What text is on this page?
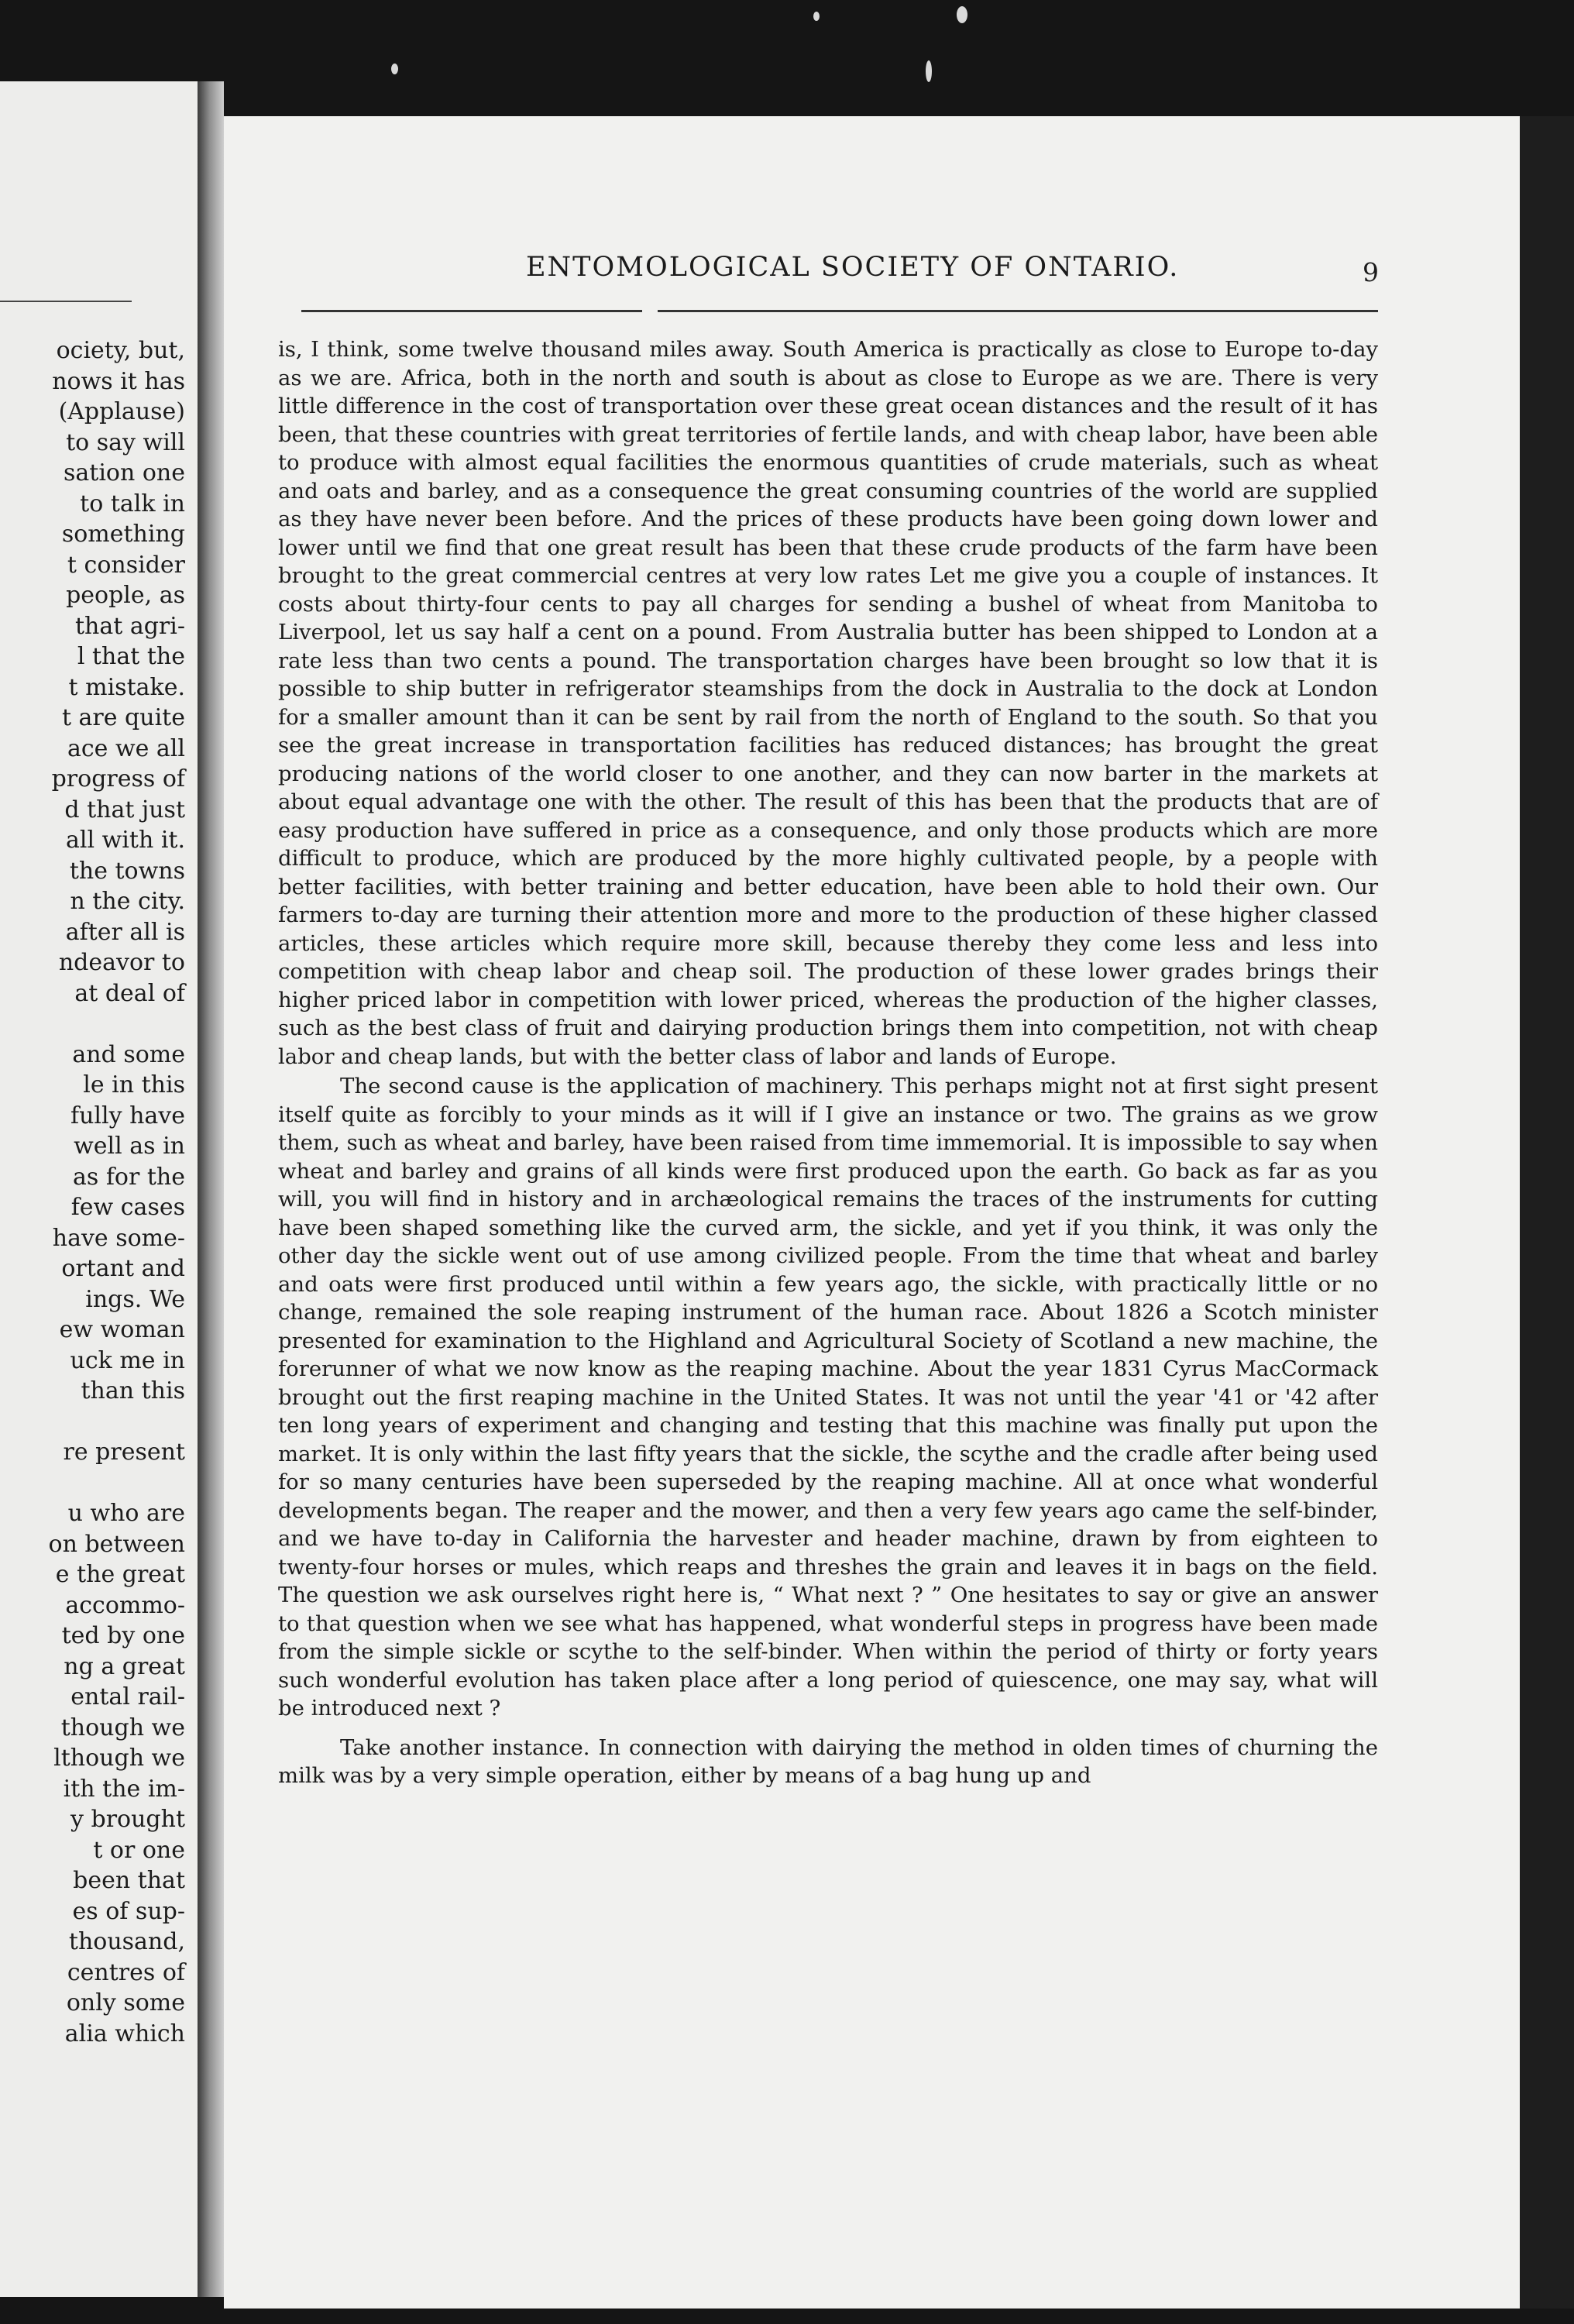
ociety, but,
nows it has
(Applause)
to say will
sation one
to talk in
something
t consider
people, as
that agri-
l that the
t mistake.
t are quite
ace we all
progress of
d that just
all with it.
the towns
n the city.
after all is
ndeavor to
at deal of
and some
le in this
fully have
well as in
as for the
few cases
have some-
ortant and
ings. We
ew woman
uck me in
than this
re present
u who are
on between
e the great
accommo-
ted by one
ng a great
ental rail-
though we
lthough we
ith the im-
y brought
t or one
been that
es of sup-
thousand,
centres of
only some
alia which
ENTOMOLOGICAL SOCIETY OF ONTARIO.	9

is, I think, some twelve thousand miles away. South America is practically as close to Europe to-day as we are. Africa, both in the north and south is about as close to Europe as we are. There is very little difference in the cost of transportation over these great ocean distances and the result of it has been, that these countries with great territories of fertile lands, and with cheap labor, have been able to produce with almost equal facilities the enormous quantities of crude materials, such as wheat and oats and barley, and as a consequence the great consuming countries of the world are supplied as they have never been before. And the prices of these products have been going down lower and lower until we find that one great result has been that these crude products of the farm have been brought to the great commercial centres at very low rates Let me give you a couple of instances. It costs about thirty-four cents to pay all charges for sending a bushel of wheat from Manitoba to Liverpool, let us say half a cent on a pound. From Australia butter has been shipped to London at a rate less than two cents a pound. The transportation charges have been brought so low that it is possible to ship butter in refrigerator steamships from the dock in Australia to the dock at London for a smaller amount than it can be sent by rail from the north of England to the south. So that you see the great increase in transportation facilities has reduced distances; has brought the great producing nations of the world closer to one another, and they can now barter in the markets at about equal advantage one with the other. The result of this has been that the products that are of easy production have suffered in price as a consequence, and only those products which are more difficult to produce, which are produced by the more highly cultivated people, by a people with better facilities, with better training and better education, have been able to hold their own. Our farmers to-day are turning their attention more and more to the production of these higher classed articles, these articles which require more skill, because thereby they come less and less into competition with cheap labor and cheap soil. The production of these lower grades brings their higher priced labor in competition with lower priced, whereas the production of the higher classes, such as the best class of fruit and dairying production brings them into competition, not with cheap labor and cheap lands, but with the better class of labor and lands of Europe.

The second cause is the application of machinery. This perhaps might not at first sight present itself quite as forcibly to your minds as it will if I give an instance or two. The grains as we grow them, such as wheat and barley, have been raised from time immemorial. It is impossible to say when wheat and barley and grains of all kinds were first produced upon the earth. Go back as far as you will, you will find in history and in archæological remains the traces of the instruments for cutting have been shaped something like the curved arm, the sickle, and yet if you think, it was only the other day the sickle went out of use among civilized people. From the time that wheat and barley and oats were first produced until within a few years ago, the sickle, with practically little or no change, remained the sole reaping instrument of the human race. About 1826 a Scotch minister presented for examination to the Highland and Agricultural Society of Scotland a new machine, the forerunner of what we now know as the reaping machine. About the year 1831 Cyrus MacCormack brought out the first reaping machine in the United States. It was not until the year '41 or '42 after ten long years of experiment and changing and testing that this machine was finally put upon the market. It is only within the last fifty years that the sickle, the scythe and the cradle after being used for so many centuries have been superseded by the reaping machine. All at once what wonderful developments began. The reaper and the mower, and then a very few years ago came the self-binder, and we have to-day in California the harvester and header machine, drawn by from eighteen to twenty-four horses or mules, which reaps and threshes the grain and leaves it in bags on the field. The question we ask ourselves right here is, “ What next ? ” One hesitates to say or give an answer to that question when we see what has happened, what wonderful steps in progress have been made from the simple sickle or scythe to the self-binder. When within the period of thirty or forty years such wonderful evolution has taken place after a long period of quiescence, one may say, what will be introduced next ?

Take another instance. In connection with dairying the method in olden times of churning the milk was by a very simple operation, either by means of a bag hung up and
